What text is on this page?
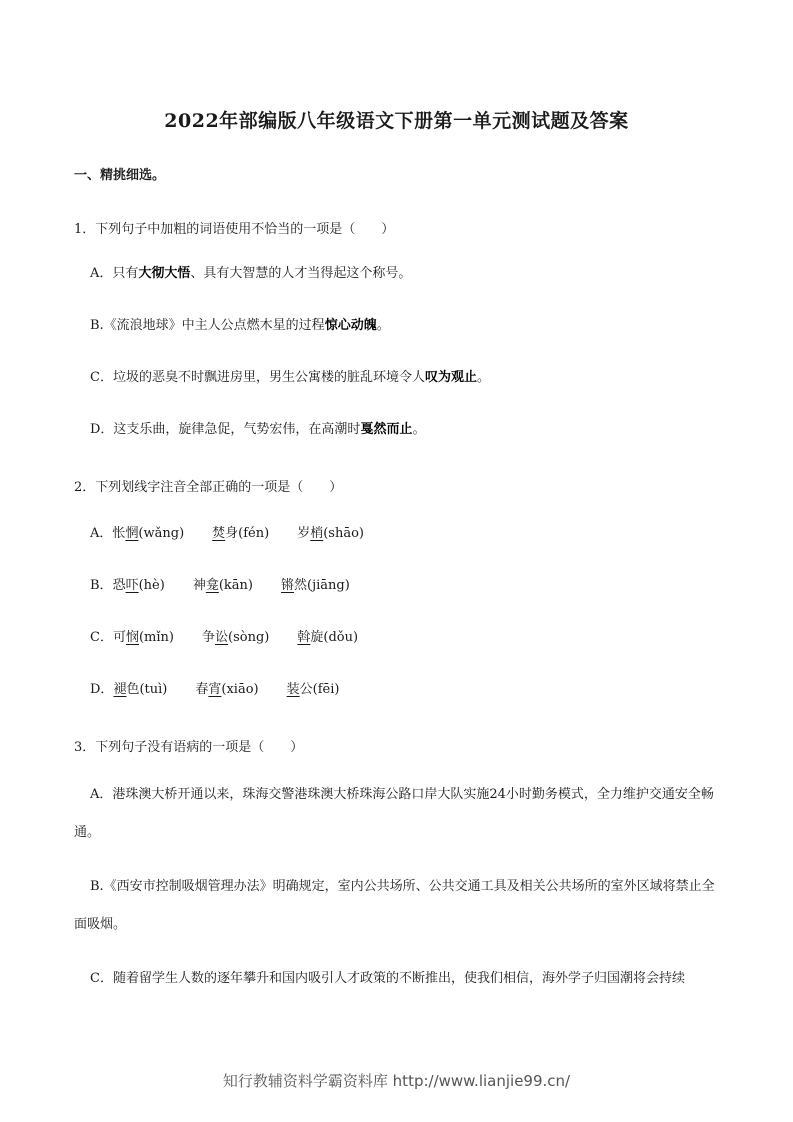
2022年部编版八年级语文下册第一单元测试题及答案
一、精挑细选。
1．下列句子中加粗的词语使用不恰当的一项是（　　）
A．只有大彻大悟、具有大智慧的人才当得起这个称号。
B.《流浪地球》中主人公点燃木星的过程惊心动魄。
C．垃圾的恶臭不时飘进房里，男生公寓楼的脏乱环境令人叹为观止。
D．这支乐曲，旋律急促，气势宏伟，在高潮时戛然而止。
2．下列划线字注音全部正确的一项是（　　）
A．怅惘(wǎng) 焚身(fén) 岁梢(shāo)
B．恐吓(hè) 神龛(kān) 锵然(jiāng)
C．可悯(mǐn) 争讼(sòng) 斡旋(dǒu)
D．褪色(tuì) 春宵(xiāo) 装公(fēi)
3．下列句子没有语病的一项是（　　）
A．港珠澳大桥开通以来，珠海交警港珠澳大桥珠海公路口岸大队实施24小时勤务模式，全力维护交通安全畅通。
B.《西安市控制吸烟管理办法》明确规定，室内公共场所、公共交通工具及相关公共场所的室外区域将禁止全面吸烟。
C．随着留学生人数的逐年攀升和国内吸引人才政策的不断推出，使我们相信，海外学子归国潮将会持续
知行教辅资料学霸资料库 http://www.lianjie99.cn/
